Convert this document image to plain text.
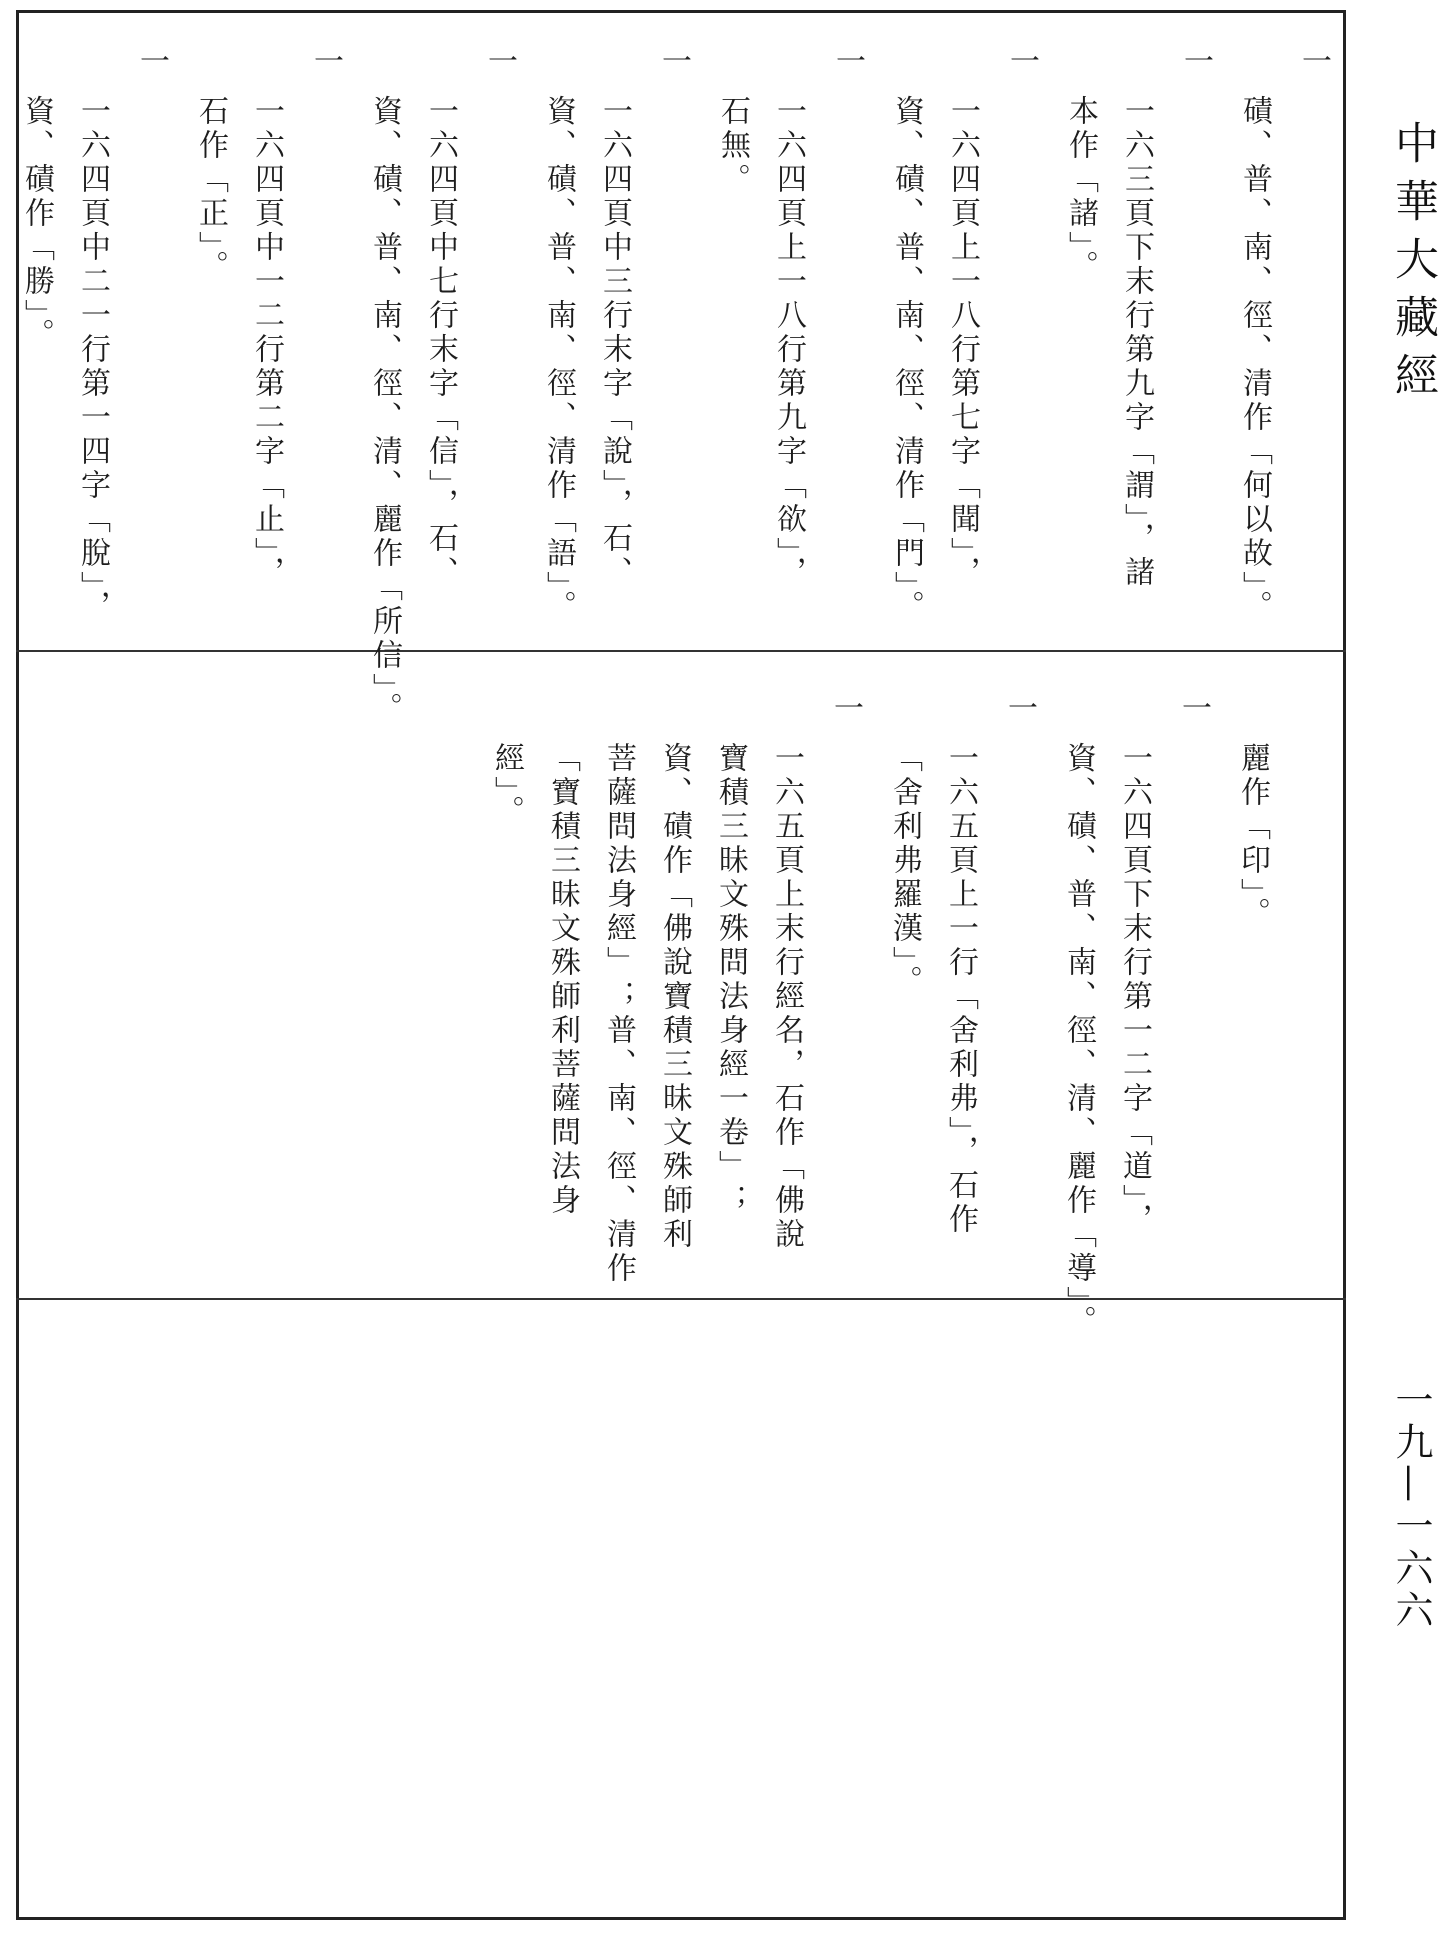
中華大藏經
一九—一六六
一
磧、普、南、徑、清作「何以故」。
一
一六三頁下末行第九字「謂」，諸
本作「諸」。
一
一六四頁上一八行第七字「聞」，
資、磧、普、南、徑、清作「門」。
一
一六四頁上一八行第九字「欲」，
石無。
一
一六四頁中三行末字「說」，石、
資、磧、普、南、徑、清作「語」。
一
一六四頁中七行末字「信」，石、
資、磧、普、南、徑、清、麗作「所信」。
一
一六四頁中一二行第二字「止」，
石作「正」。
一
一六四頁中二一行第一四字「脫」，
資、磧作「勝」。
麗作「印」。
一
一六四頁下末行第一二字「道」，
資、磧、普、南、徑、清、麗作「導」。
一
一六五頁上一行「舍利弗」，石作
「舍利弗羅漢」。
一
一六五頁上末行經名，石作「佛說
寶積三昧文殊問法身經一卷」；
資、磧作「佛說寶積三昧文殊師利
菩薩問法身經」；普、南、徑、清作
「寶積三昧文殊師利菩薩問法身
經」。
